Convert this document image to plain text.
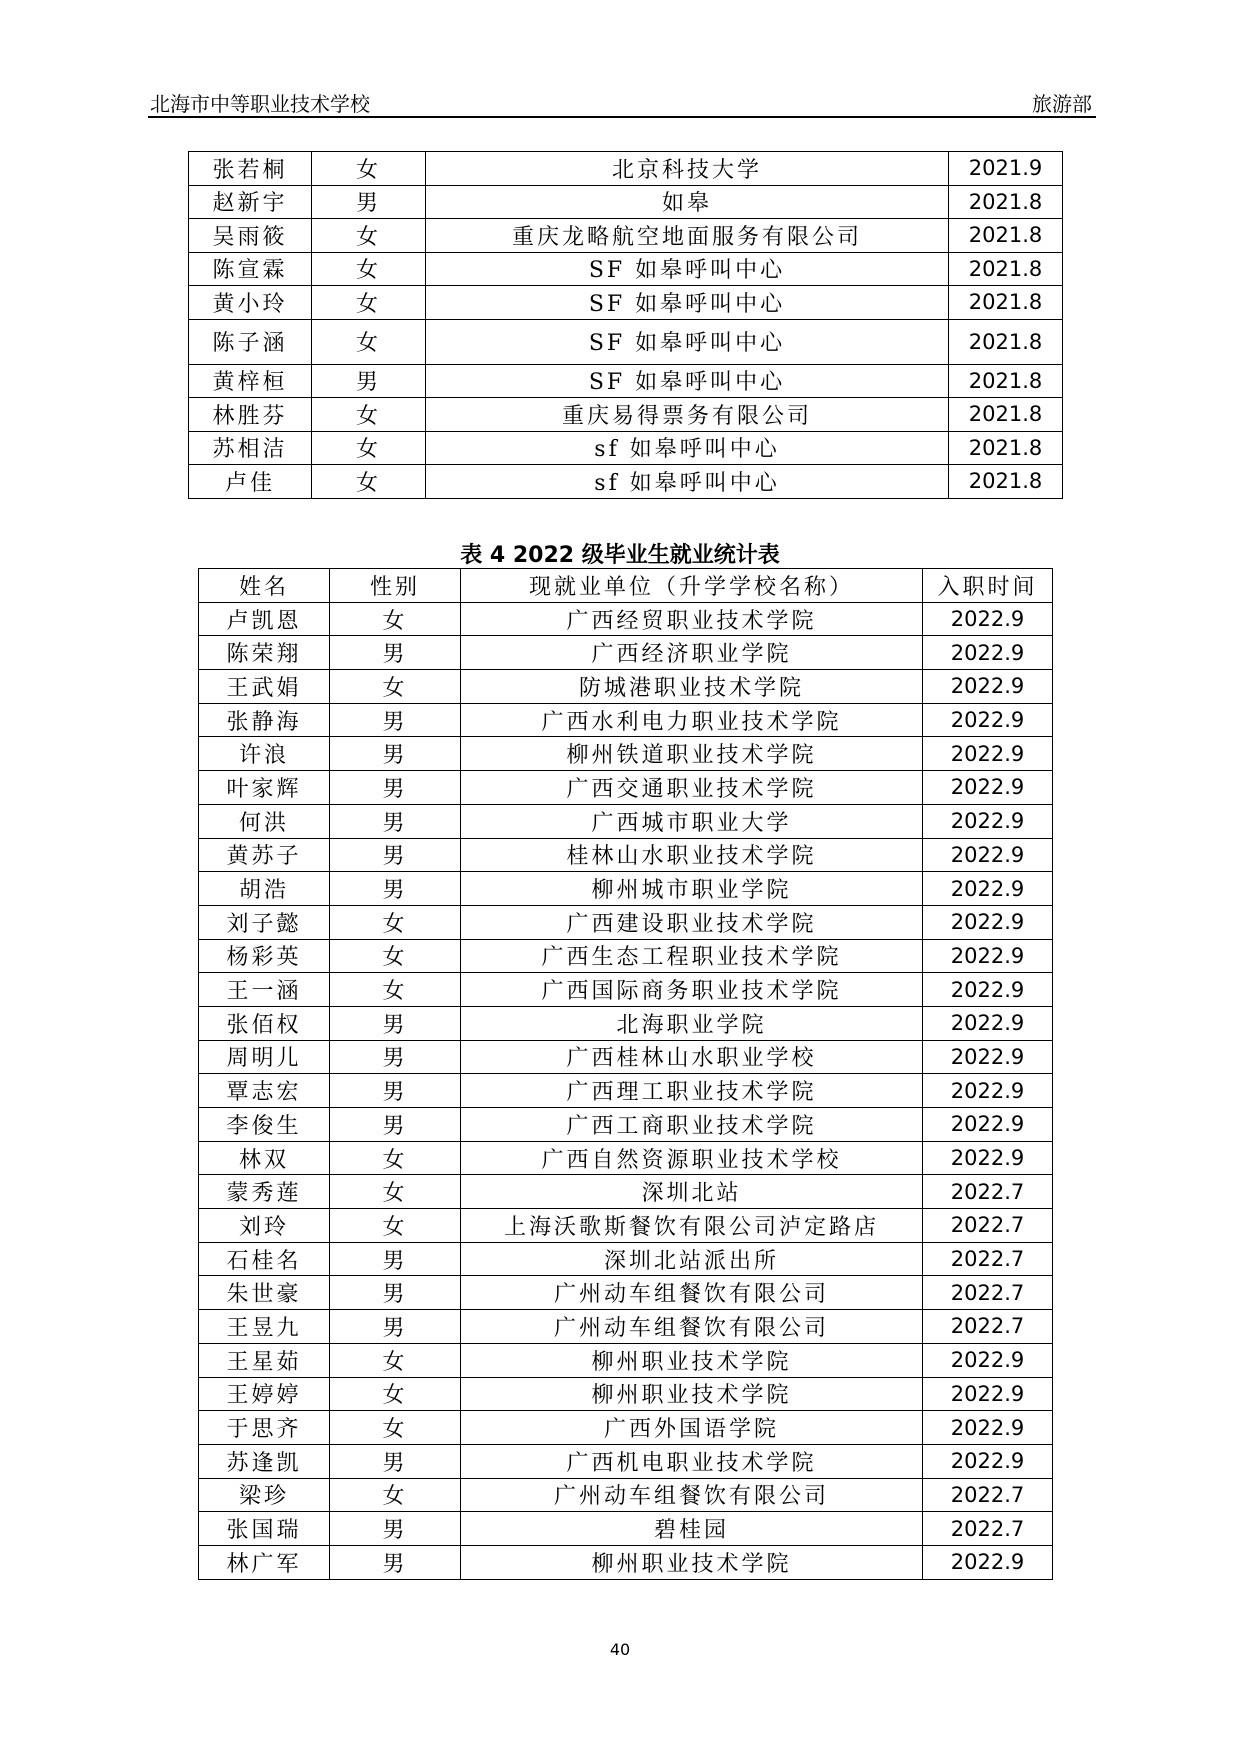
北海市中等职业技术学校	旅游部
张若桐	女	北京科技大学	2021.9
赵新宇	男	如皋	2021.8
吴雨筱	女	重庆龙略航空地面服务有限公司	2021.8
陈宣霖	女	SF 如皋呼叫中心	2021.8
黄小玲	女	SF 如皋呼叫中心	2021.8
陈子涵	女	SF 如皋呼叫中心	2021.8
黄梓桓	男	SF 如皋呼叫中心	2021.8
林胜芬	女	重庆易得票务有限公司	2021.8
苏相洁	女	sf 如皋呼叫中心	2021.8
卢佳	女	sf 如皋呼叫中心	2021.8
表 4 2022 级毕业生就业统计表
姓名	性别	现就业单位（升学学校名称）	入职时间
卢凯恩	女	广西经贸职业技术学院	2022.9
陈荣翔	男	广西经济职业学院	2022.9
王武娟	女	防城港职业技术学院	2022.9
张静海	男	广西水利电力职业技术学院	2022.9
许浪	男	柳州铁道职业技术学院	2022.9
叶家辉	男	广西交通职业技术学院	2022.9
何洪	男	广西城市职业大学	2022.9
黄苏子	男	桂林山水职业技术学院	2022.9
胡浩	男	柳州城市职业学院	2022.9
刘子懿	女	广西建设职业技术学院	2022.9
杨彩英	女	广西生态工程职业技术学院	2022.9
王一涵	女	广西国际商务职业技术学院	2022.9
张佰权	男	北海职业学院	2022.9
周明儿	男	广西桂林山水职业学校	2022.9
覃志宏	男	广西理工职业技术学院	2022.9
李俊生	男	广西工商职业技术学院	2022.9
林双	女	广西自然资源职业技术学校	2022.9
蒙秀莲	女	深圳北站	2022.7
刘玲	女	上海沃歌斯餐饮有限公司泸定路店	2022.7
石桂名	男	深圳北站派出所	2022.7
朱世豪	男	广州动车组餐饮有限公司	2022.7
王昱九	男	广州动车组餐饮有限公司	2022.7
王星茹	女	柳州职业技术学院	2022.9
王婷婷	女	柳州职业技术学院	2022.9
于思齐	女	广西外国语学院	2022.9
苏逢凯	男	广西机电职业技术学院	2022.9
梁珍	女	广州动车组餐饮有限公司	2022.7
张国瑞	男	碧桂园	2022.7
林广军	男	柳州职业技术学院	2022.9
40
